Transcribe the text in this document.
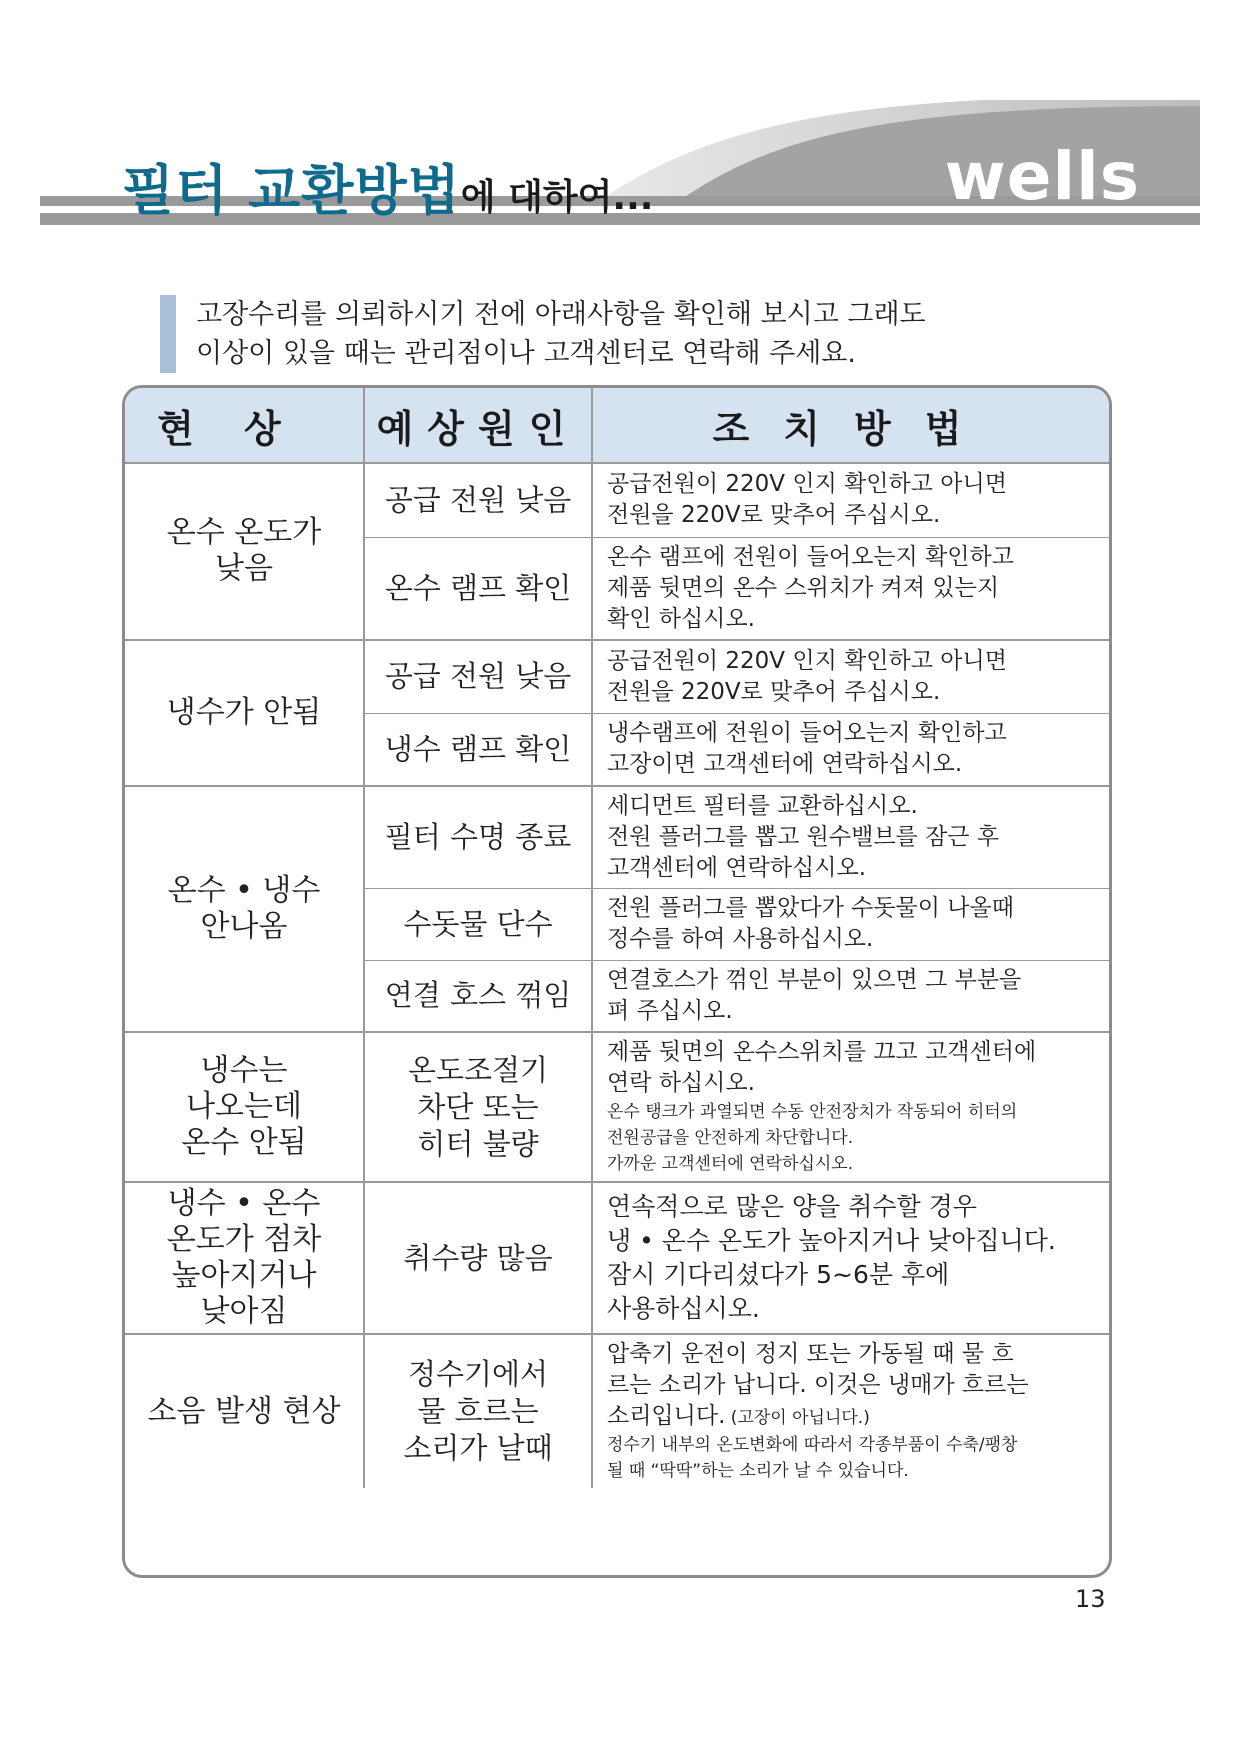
필터 교환방법에 대하여...	wells

고장수리를 의뢰하시기 전에 아래사항을 확인해 보시고 그래도

이상이 있을 때는 관리점이나 고객센터로 연락해 주세요.

현상	예상원인	조치방법
온수 온도가
낮음	공급 전원 낮음	공급전원이 220V 인지 확인하고 아니면
전원을 220V로 맞추어 주십시오.
	온수 램프 확인	온수 램프에 전원이 들어오는지 확인하고
제품 뒷면의 온수 스위치가 켜져 있는지
확인 하십시오.
냉수가 안됨	공급 전원 낮음	공급전원이 220V 인지 확인하고 아니면
전원을 220V로 맞추어 주십시오.
	냉수 램프 확인	냉수램프에 전원이 들어오는지 확인하고
고장이면 고객센터에 연락하십시오.
온수 • 냉수
안나옴	필터 수명 종료	세디먼트 필터를 교환하십시오.
전원 플러그를 뽑고 원수밸브를 잠근 후
고객센터에 연락하십시오.
	수돗물 단수	전원 플러그를 뽑았다가 수돗물이 나올때
정수를 하여 사용하십시오.
	연결 호스 꺾임	연결호스가 꺾인 부분이 있으면 그 부분을
펴 주십시오.
냉수는
나오는데
온수 안됨	온도조절기
차단 또는
히터 불량	제품 뒷면의 온수스위치를 끄고 고객센터에
연락 하십시오.
온수 탱크가 과열되면 수동 안전장치가 작동되어 히터의
전원공급을 안전하게 차단합니다.
가까운 고객센터에 연락하십시오.

냉수 • 온수
온도가 점차
높아지거나
낮아짐	취수량 많음	연속적으로 많은 양을 취수할 경우
냉 • 온수 온도가 높아지거나 낮아집니다.
잠시 기다리셨다가 5~6분 후에
사용하십시오.
소음 발생 현상	정수기에서
물 흐르는
소리가 날때	압축기 운전이 정지 또는 가동될 때 물 흐
르는 소리가 납니다. 이것은 냉매가 흐르는
소리입니다. (고장이 아닙니다.)
정수기 내부의 온도변화에 따라서 각종부품이 수축/팽창
될 때 “딱딱”하는 소리가 날 수 있습니다.
13
